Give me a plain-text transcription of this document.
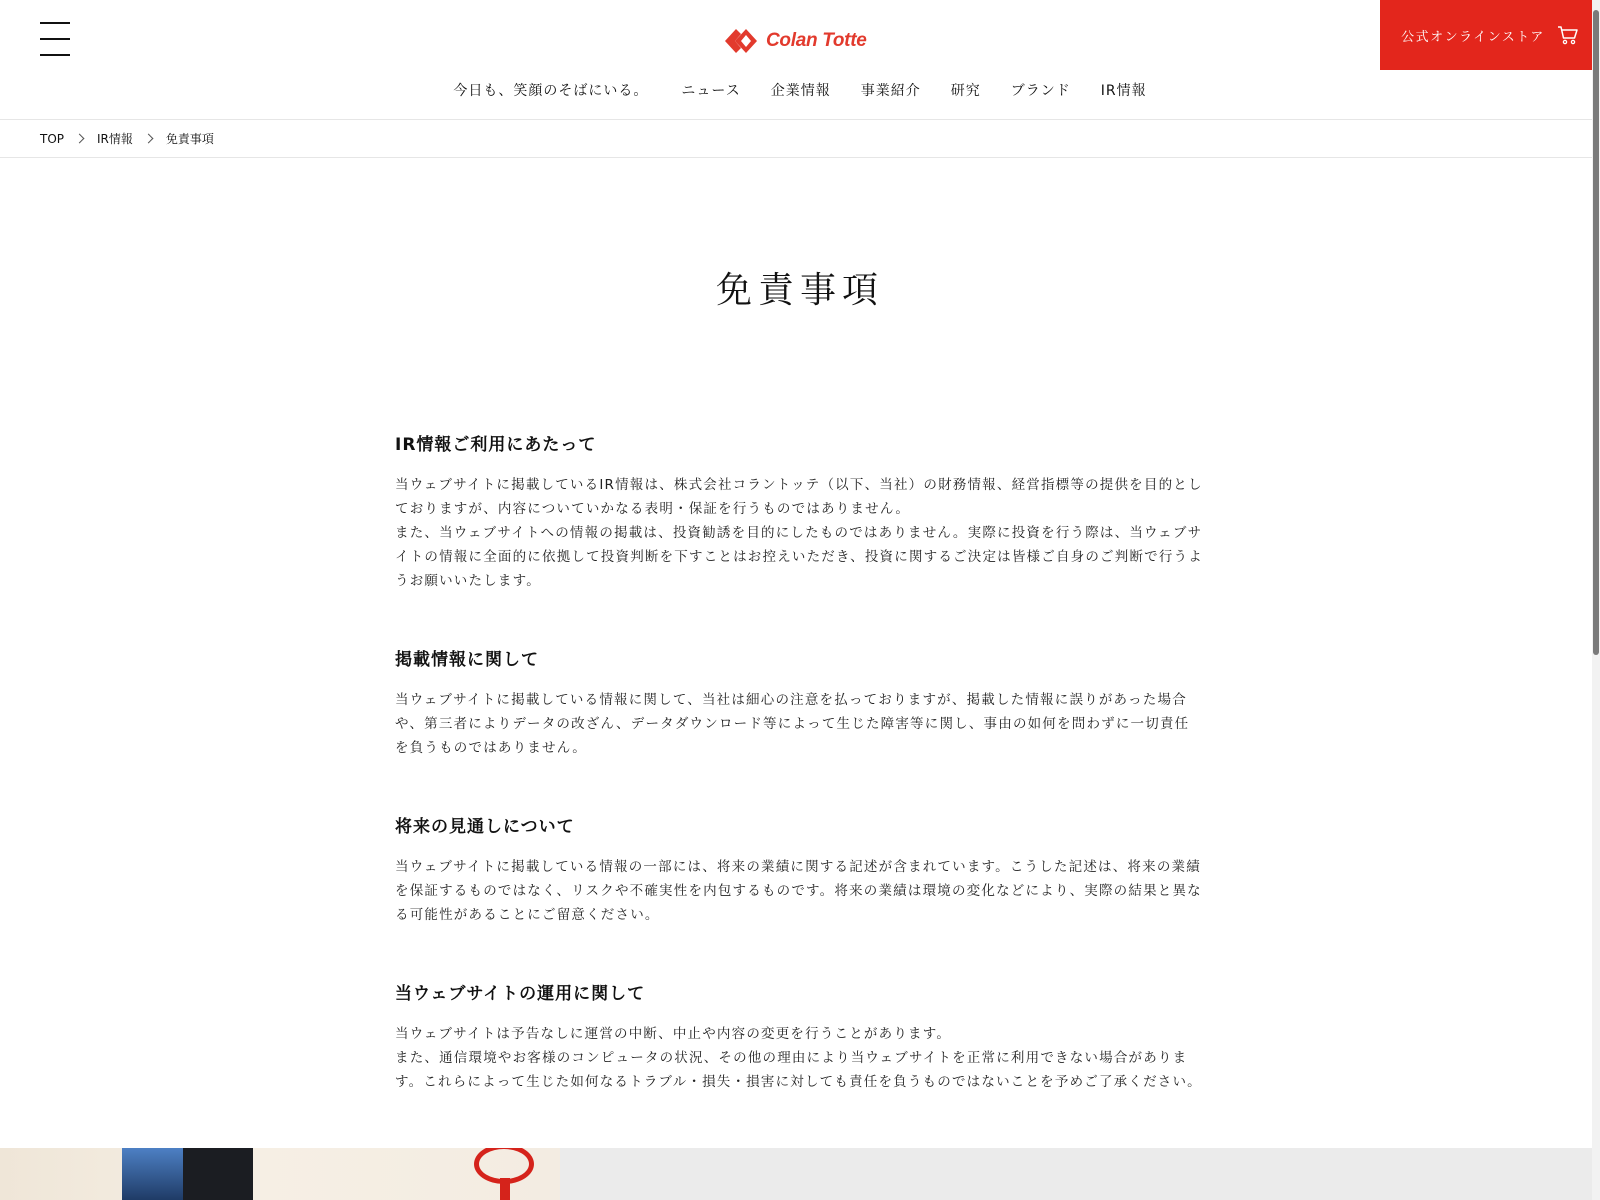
Colan Totte	公式オンラインストア
今日も、笑顔のそばにいる。 ニュース 企業情報 事業紹介 研究 ブランド IR情報
TOP	IR情報	免責事項
免責事項
IR情報ご利用にあたって

当ウェブサイトに掲載しているIR情報は、株式会社コラントッテ（以下、当社）の財務情報、経営指標等の提供を目的としておりますが、内容についていかなる表明・保証を行うものではありません。

また、当ウェブサイトへの情報の掲載は、投資勧誘を目的にしたものではありません。実際に投資を行う際は、当ウェブサイトの情報に全面的に依拠して投資判断を下すことはお控えいただき、投資に関するご決定は皆様ご自身のご判断で行うようお願いいたします。

掲載情報に関して

当ウェブサイトに掲載している情報に関して、当社は細心の注意を払っておりますが、掲載した情報に誤りがあった場合や、第三者によりデータの改ざん、データダウンロード等によって生じた障害等に関し、事由の如何を問わずに一切責任を負うものではありません。

将来の見通しについて

当ウェブサイトに掲載している情報の一部には、将来の業績に関する記述が含まれています。こうした記述は、将来の業績を保証するものではなく、リスクや不確実性を内包するものです。将来の業績は環境の変化などにより、実際の結果と異なる可能性があることにご留意ください。

当ウェブサイトの運用に関して

当ウェブサイトは予告なしに運営の中断、中止や内容の変更を行うことがあります。

また、通信環境やお客様のコンピュータの状況、その他の理由により当ウェブサイトを正常に利用できない場合があります。これらによって生じた如何なるトラブル・損失・損害に対しても責任を負うものではないことを予めご了承ください。
